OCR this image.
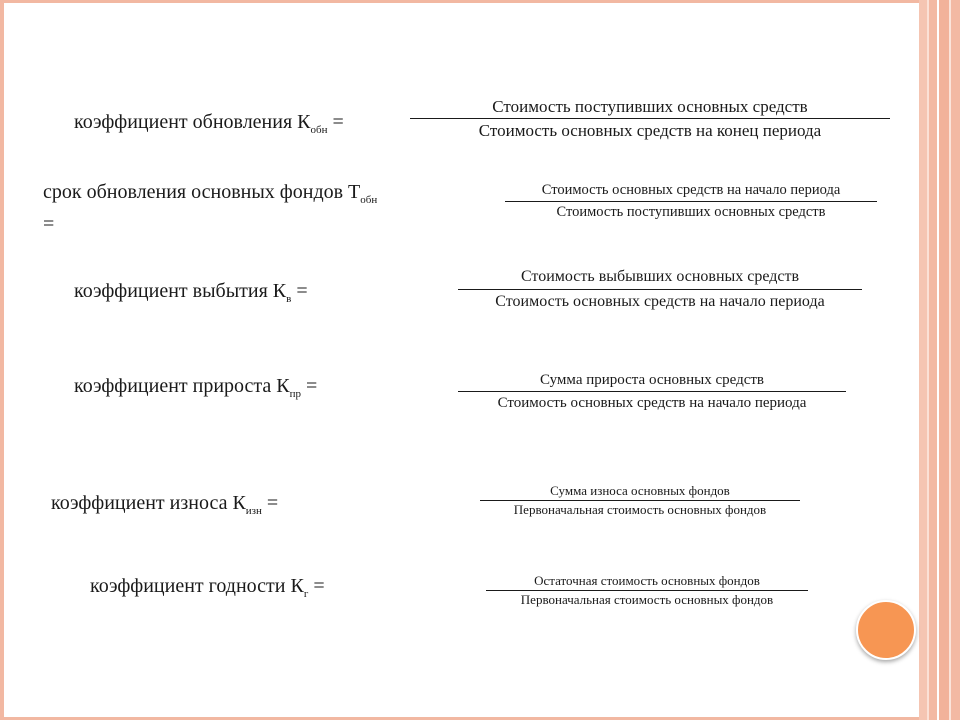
коэффициент обновления $К_{обн}$ =
Стоимость поступивших основных средств
Стоимость основных средств на конец периода
срок обновления основных фондов $Т_{обн}$
=
Стоимость основных средств на начало периода
Стоимость поступивших основных средств
коэффициент выбытия $К_в$ =
Стоимость выбывших основных средств
Стоимость основных средств на начало периода
коэффициент прироста $К_{пр}$ =	Сумма прироста основных средств
Стоимость основных средств на начало периода
коэффициент износа $К_{изн}$ =
Сумма износа основных фондов
Первоначальная стоимость основных фондов
коэффициент годности $К_г$ =	Остаточная стоимость основных фондов
Первоначальная стоимость основных фондов
